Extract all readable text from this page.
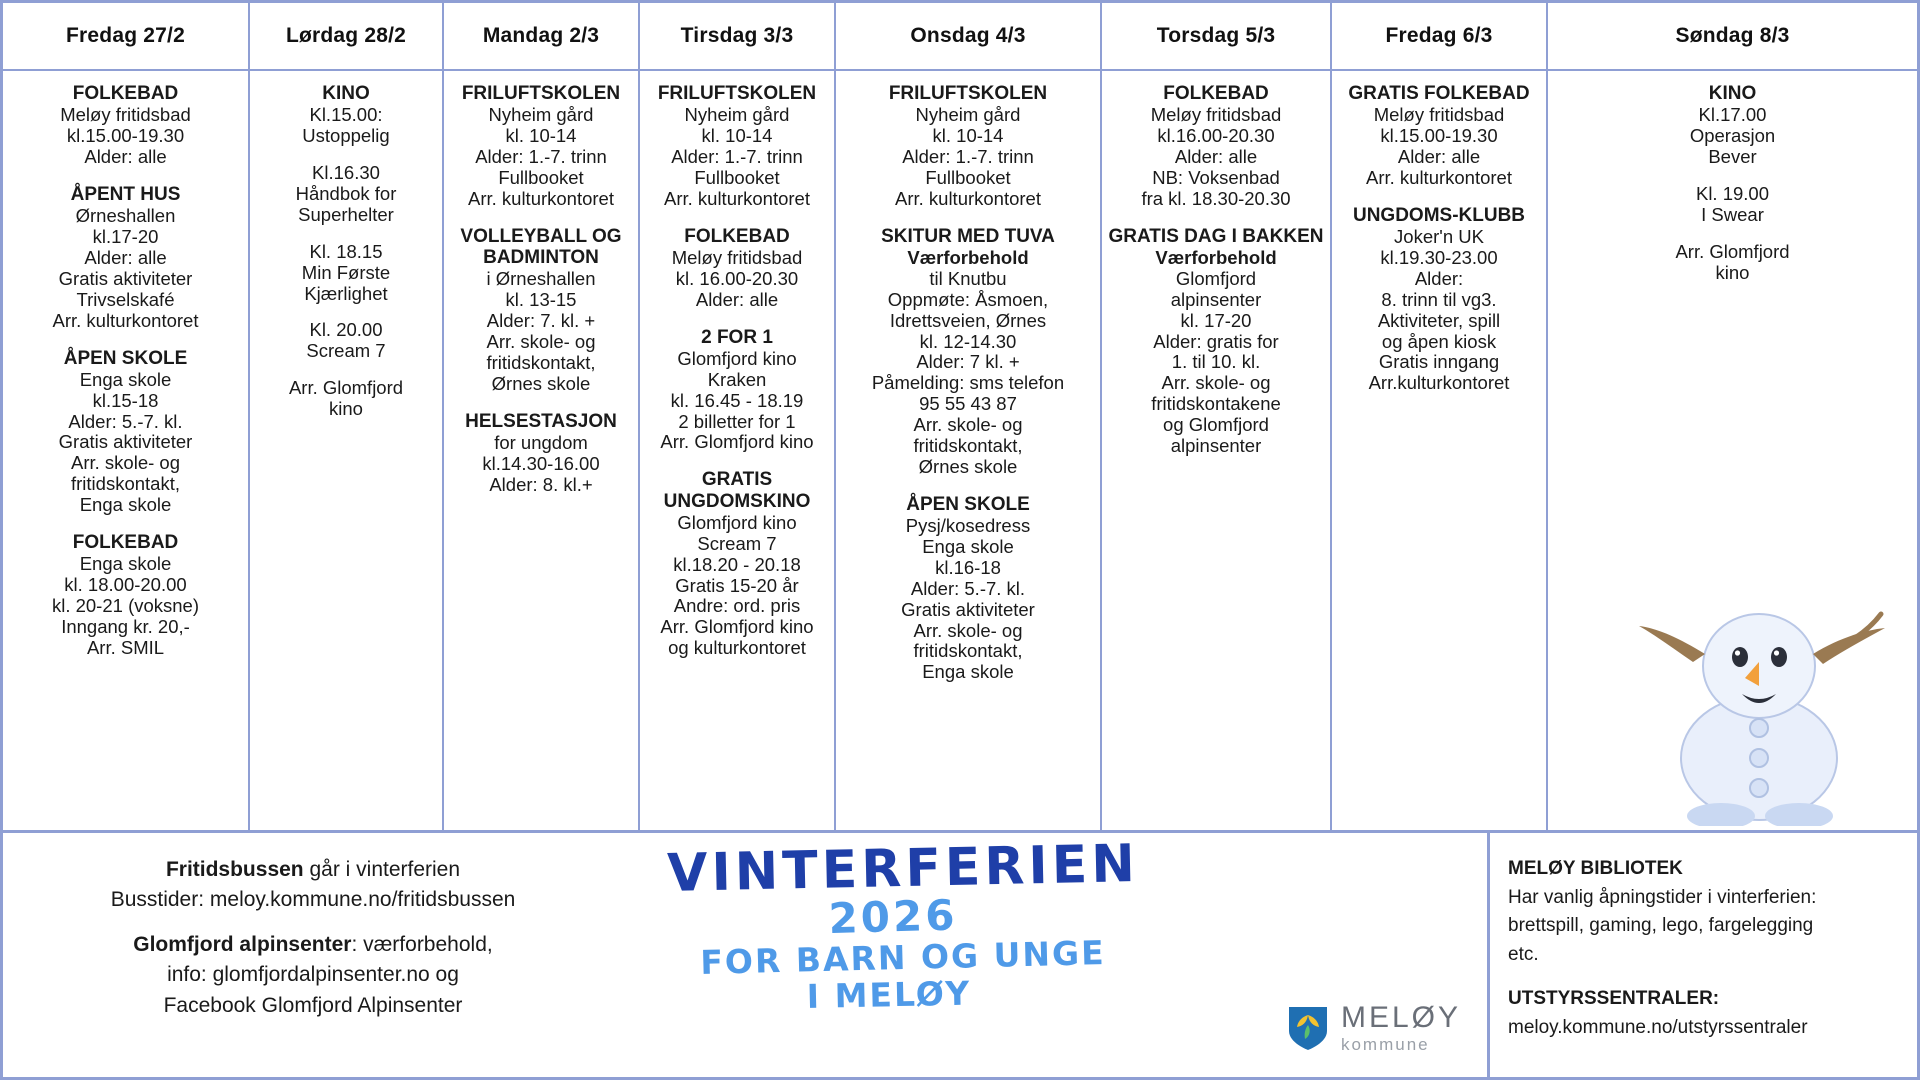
Fredag 27/2
FOLKEBAD
Meløy fritidsbad
kl.15.00-19.30
Alder: alle
ÅPENT HUS
Ørneshallen
kl.17-20
Alder: alle
Gratis aktiviteter
Trivselskafé
Arr. kulturkontoret
ÅPEN SKOLE
Enga skole
kl.15-18
Alder: 5.-7. kl.
Gratis aktiviteter
Arr. skole- og
fritidskontakt,
Enga skole
FOLKEBAD
Enga skole
kl. 18.00-20.00
kl. 20-21 (voksne)
Inngang kr. 20,-
Arr. SMIL
Lørdag 28/2
KINO
Kl.15.00:
Ustoppelig
Kl.16.30
Håndbok for
Superhelter
Kl. 18.15
Min Første
Kjærlighet
Kl. 20.00
Scream 7
Arr. Glomfjord
kino
Mandag 2/3
FRILUFTSKOLEN
Nyheim gård
kl. 10-14
Alder: 1.-7. trinn
Fullbooket
Arr. kulturkontoret
VOLLEYBALL OG BADMINTON
i Ørneshallen
kl. 13-15
Alder: 7. kl. +
Arr. skole- og
fritidskontakt,
Ørnes skole
HELSESTASJON
for ungdom
kl.14.30-16.00
Alder: 8. kl.+
Tirsdag 3/3
FRILUFTSKOLEN
Nyheim gård
kl. 10-14
Alder: 1.-7. trinn
Fullbooket
Arr. kulturkontoret
FOLKEBAD
Meløy fritidsbad
kl. 16.00-20.30
Alder: alle
2 FOR 1
Glomfjord kino
Kraken
kl. 16.45 - 18.19
2 billetter for 1
Arr. Glomfjord kino
GRATIS UNGDOMSKINO
Glomfjord kino
Scream 7
kl.18.20 - 20.18
Gratis 15-20 år
Andre: ord. pris
Arr. Glomfjord kino
og kulturkontoret
Onsdag 4/3
FRILUFTSKOLEN
Nyheim gård
kl. 10-14
Alder: 1.-7. trinn
Fullbooket
Arr. kulturkontoret
SKITUR MED TUVA
Værforbehold
til Knutbu
Oppmøte: Åsmoen,
Idrettsveien, Ørnes
kl. 12-14.30
Alder: 7 kl. +
Påmelding: sms telefon
95 55 43 87
Arr. skole- og
fritidskontakt,
Ørnes skole
ÅPEN SKOLE
Pysj/kosedress
Enga skole
kl.16-18
Alder: 5.-7. kl.
Gratis aktiviteter
Arr. skole- og
fritidskontakt,
Enga skole
Torsdag 5/3
FOLKEBAD
Meløy fritidsbad
kl.16.00-20.30
Alder: alle
NB: Voksenbad
fra kl. 18.30-20.30
GRATIS DAG I BAKKEN
Værforbehold
Glomfjord
alpinsenter
kl. 17-20
Alder: gratis for
1. til 10. kl.
Arr. skole- og
fritidskontakene
og Glomfjord
alpinsenter
Fredag 6/3
GRATIS FOLKEBAD
Meløy fritidsbad
kl.15.00-19.30
Alder: alle
Arr. kulturkontoret
UNGDOMS-KLUBB
Joker'n UK
kl.19.30-23.00
Alder:
8. trinn til vg3.
Aktiviteter, spill
og åpen kiosk
Gratis inngang
Arr.kulturkontoret
Søndag 8/3
KINO
Kl.17.00
Operasjon
Bever
Kl. 19.00
I Swear
Arr. Glomfjord
kino
Fritidsbussen går i vinterferien
Busstider: meloy.kommune.no/fritidsbussen
Glomfjord alpinsenter: værforbehold,
info: glomfjordalpinsenter.no og
Facebook Glomfjord Alpinsenter
VINTERFERIEN
2026
FOR BARN OG UNGE
I MELØY
MELØY
kommune
MELØY BIBLIOTEK
Har vanlig åpningstider i vinterferien:
brettspill, gaming, lego, fargelegging
etc.
UTSTYRSSENTRALER:
meloy.kommune.no/utstyrssentraler
